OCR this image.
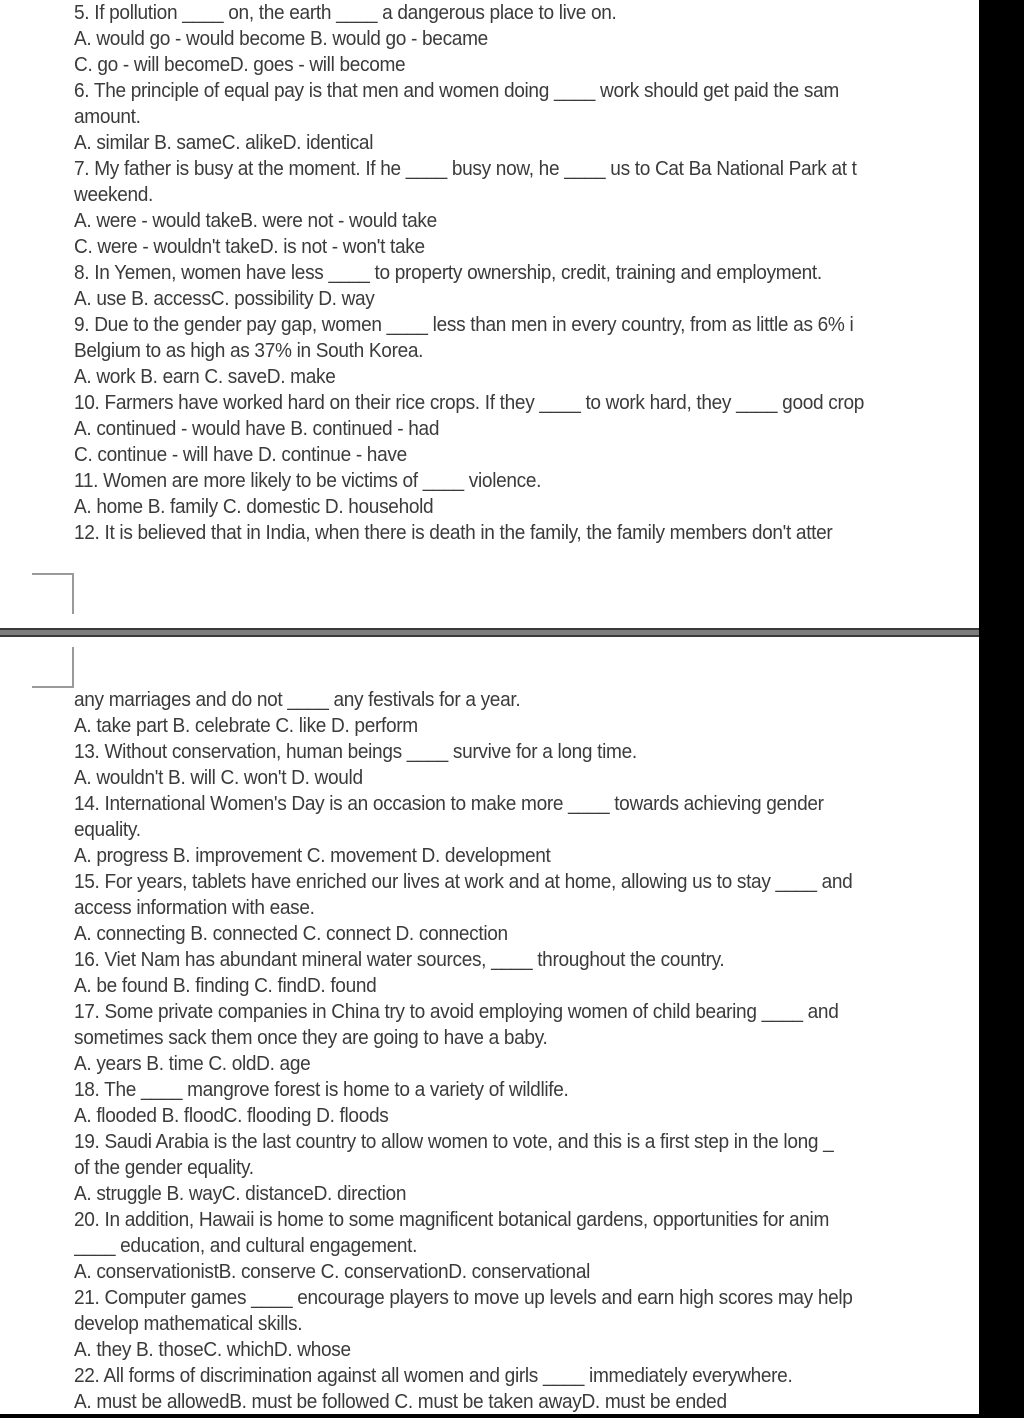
5. If pollution ____ on, the earth ____ a dangerous place to live on.
A. would go - would become B. would go - became
C. go - will becomeD. goes - will become
6. The principle of equal pay is that men and women doing ____ work should get paid the sam
amount.
A. similar B. sameC. alikeD. identical
7. My father is busy at the moment. If he ____ busy now, he ____ us to Cat Ba National Park at t
weekend.
A. were - would takeB. were not - would take
C. were - wouldn't takeD. is not - won't take
8. In Yemen, women have less ____ to property ownership, credit, training and employment.
A. use B. accessC. possibility D. way
9. Due to the gender pay gap, women ____ less than men in every country, from as little as 6% i
Belgium to as high as 37% in South Korea.
A. work B. earn C. saveD. make
10. Farmers have worked hard on their rice crops. If they ____ to work hard, they ____ good crop
A. continued - would have B. continued - had
C. continue - will have D. continue - have
11. Women are more likely to be victims of ____ violence.
A. home B. family C. domestic D. household
12. It is believed that in India, when there is death in the family, the family members don't atter
any marriages and do not ____ any festivals for a year.
A. take part B. celebrate C. like D. perform
13. Without conservation, human beings ____ survive for a long time.
A. wouldn't B. will C. won't D. would
14. International Women's Day is an occasion to make more ____ towards achieving gender
equality.
A. progress B. improvement C. movement D. development
15. For years, tablets have enriched our lives at work and at home, allowing us to stay ____ and
access information with ease.
A. connecting B. connected C. connect D. connection
16. Viet Nam has abundant mineral water sources, ____ throughout the country.
A. be found B. finding C. findD. found
17. Some private companies in China try to avoid employing women of child bearing ____ and
sometimes sack them once they are going to have a baby.
A. years B. time C. oldD. age
18. The ____ mangrove forest is home to a variety of wildlife.
A. flooded B. floodC. flooding D. floods
19. Saudi Arabia is the last country to allow women to vote, and this is a first step in the long _
of the gender equality.
A. struggle B. wayC. distanceD. direction
20. In addition, Hawaii is home to some magnificent botanical gardens, opportunities for anim
____ education, and cultural engagement.
A. conservationistB. conserve C. conservationD. conservational
21. Computer games ____ encourage players to move up levels and earn high scores may help
develop mathematical skills.
A. they B. thoseC. whichD. whose
22. All forms of discrimination against all women and girls ____ immediately everywhere.
A. must be allowedB. must be followed C. must be taken awayD. must be ended
